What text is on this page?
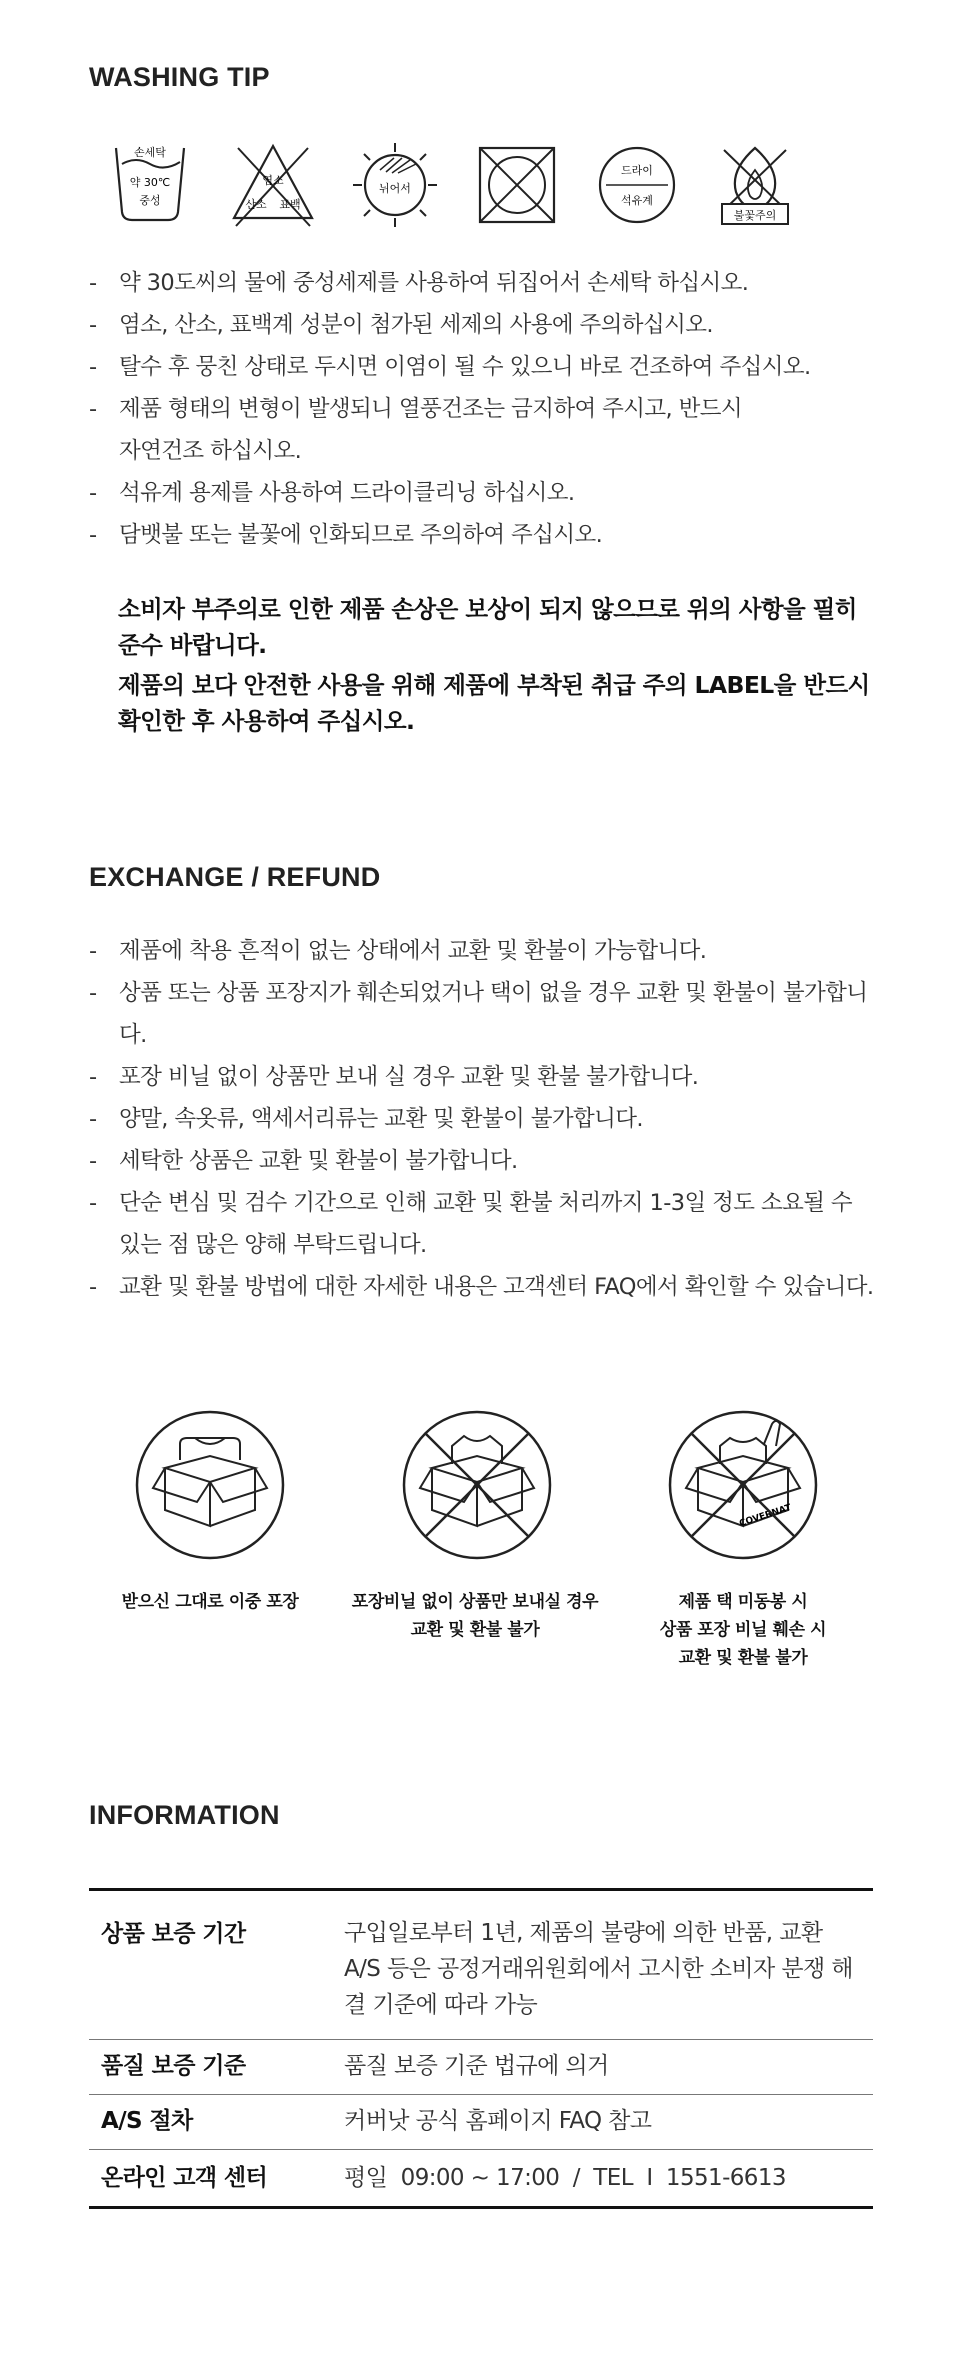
WASHING TIP
손세탁
약 30℃
중성
염소
산소 표백
뉘어서
드라이
석유계
불꽃주의
- 약 30도씨의 물에 중성세제를 사용하여 뒤집어서 손세탁 하십시오.
- 염소, 산소, 표백계 성분이 첨가된 세제의 사용에 주의하십시오.
- 탈수 후 뭉친 상태로 두시면 이염이 될 수 있으니 바로 건조하여 주십시오.
- 제품 형태의 변형이 발생되니 열풍건조는 금지하여 주시고, 반드시 자연건조 하십시오.
- 석유계 용제를 사용하여 드라이클리닝 하십시오.
- 담뱃불 또는 불꽃에 인화되므로 주의하여 주십시오.
소비자 부주의로 인한 제품 손상은 보상이 되지 않으므로 위의 사항을 필히 준수 바랍니다.
제품의 보다 안전한 사용을 위해 제품에 부착된 취급 주의 LABEL을 반드시 확인한 후 사용하여 주십시오.
EXCHANGE / REFUND
- 제품에 착용 흔적이 없는 상태에서 교환 및 환불이 가능합니다.
- 상품 또는 상품 포장지가 훼손되었거나 택이 없을 경우 교환 및 환불이 불가합니다.
- 포장 비닐 없이 상품만 보내 실 경우 교환 및 환불 불가합니다.
- 양말, 속옷류, 액세서리류는 교환 및 환불이 불가합니다.
- 세탁한 상품은 교환 및 환불이 불가합니다.
- 단순 변심 및 검수 기간으로 인해 교환 및 환불 처리까지 1-3일 정도 소요될 수 있는 점 많은 양해 부탁드립니다.
- 교환 및 환불 방법에 대한 자세한 내용은 고객센터 FAQ에서 확인할 수 있습니다.
COVERNAT
받으신 그대로 이중 포장	포장비닐 없이 상품만 보내실 경우
교환 및 환불 불가
제품 택 미동봉 시
상품 포장 비닐 훼손 시
교환 및 환불 불가
INFORMATION
상품 보증 기간	구입일로부터 1년, 제품의 불량에 의한 반품, 교환 A/S 등은 공정거래위원회에서 고시한 소비자 분쟁 해결 기준에 따라 가능
품질 보증 기준	품질 보증 기준 법규에 의거
A/S 절차	커버낫 공식 홈페이지 FAQ 참고
온라인 고객 센터	평일  09:00 ~ 17:00  /  TEL  I  1551-6613
